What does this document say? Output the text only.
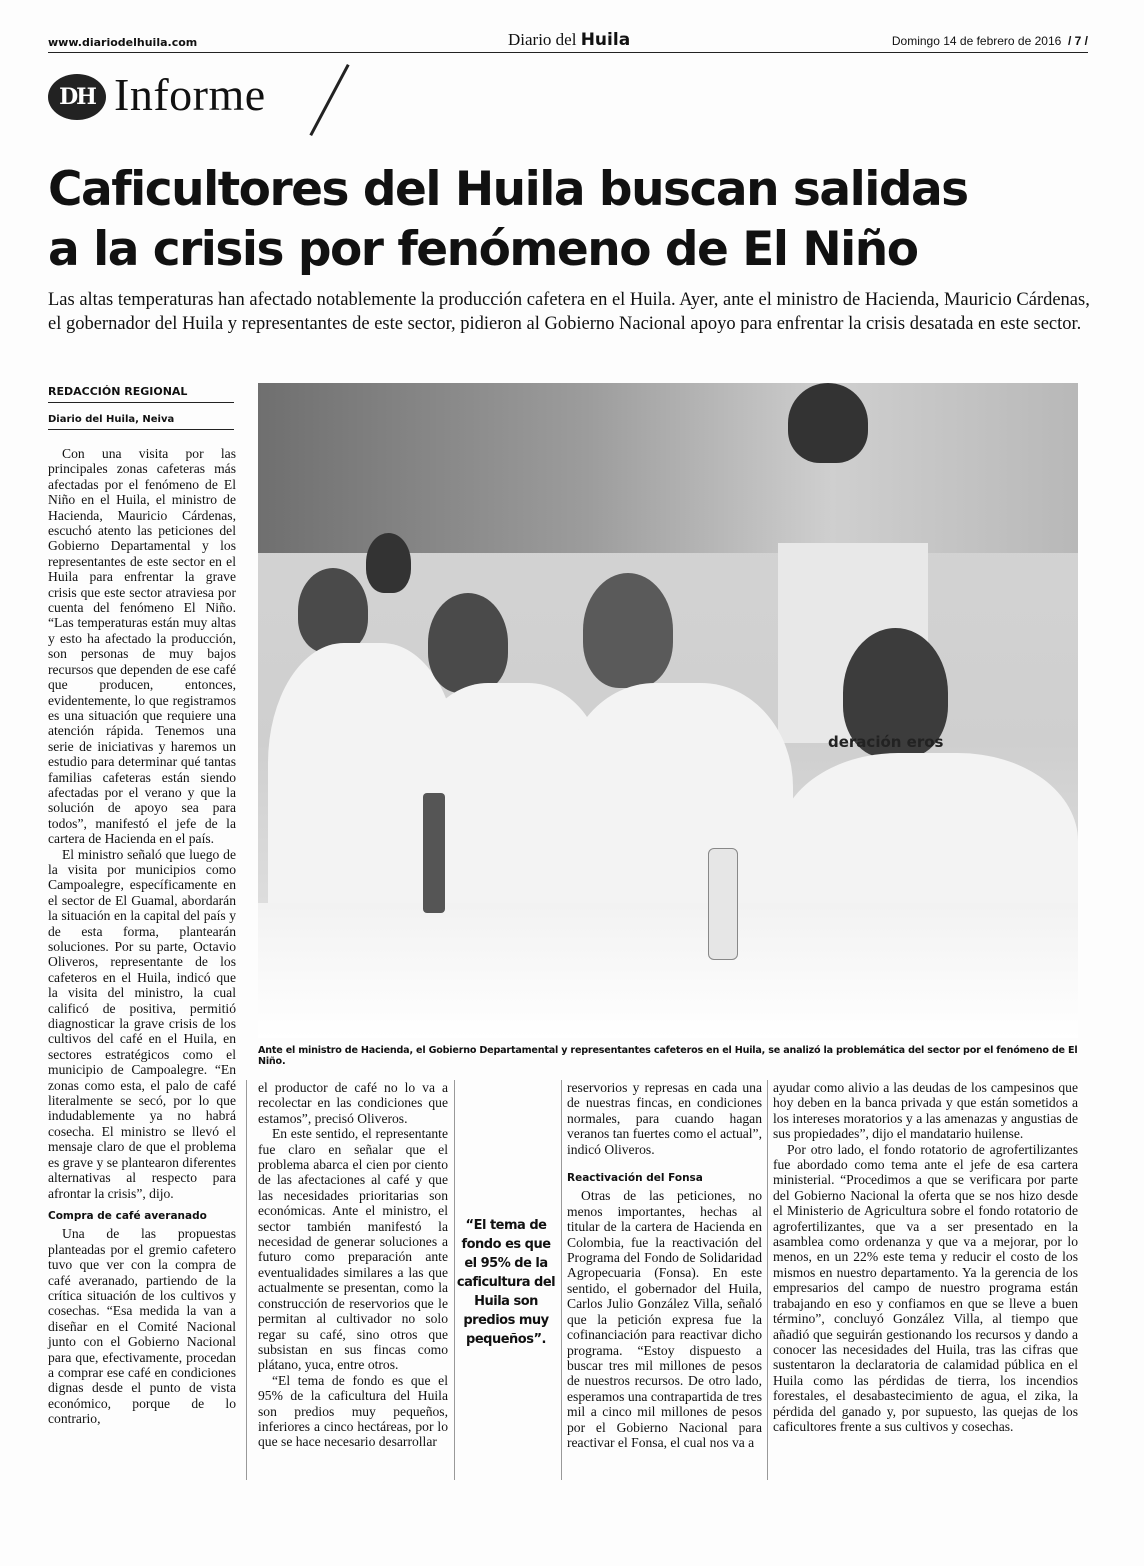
www.diariodelhuila.com	Diario del Huila	Domingo 14 de febrero de 2016 / 7 /
DH Informe
Caficultores del Huila buscan salidas
a la crisis por fenómeno de El Niño

Las altas temperaturas han afectado notablemente la producción cafetera en el Huila. Ayer, ante el ministro de Hacienda, Mauricio Cárdenas, el gobernador del Huila y representantes de este sector, pidieron al Gobierno Nacional apoyo para enfrentar la crisis desatada en este sector.

REDACCIÓN REGIONAL
Diario del Huila, Neiva

Con una visita por las principales zonas cafeteras más afectadas por el fenómeno de El Niño en el Huila, el ministro de Hacienda, Mauricio Cárdenas, escuchó atento las peticiones del Gobierno Departamental y los representantes de este sector en el Huila para enfrentar la grave crisis que este sector atraviesa por cuenta del fenómeno El Niño. “Las temperaturas están muy altas y esto ha afectado la producción, son personas de muy bajos recursos que dependen de ese café que producen, entonces, evidentemente, lo que registramos es una situación que requiere una atención rápida. Tenemos una serie de iniciativas y haremos un estudio para determinar qué tantas familias cafeteras están siendo afectadas por el verano y que la solución de apoyo sea para todos”, manifestó el jefe de la cartera de Hacienda en el país.

El ministro señaló que luego de la visita por municipios como Campoalegre, específicamente en el sector de El Guamal, abordarán la situación en la capital del país y de esta forma, plantearán soluciones. Por su parte, Octavio Oliveros, representante de los cafeteros en el Huila, indicó que la visita del ministro, la cual calificó de positiva, permitió diagnosticar la grave crisis de los cultivos del café en el Huila, en sectores estratégicos como el municipio de Campoalegre. “En zonas como esta, el palo de café literalmente se secó, por lo que indudablemente ya no habrá cosecha. El ministro se llevó el mensaje claro de que el problema es grave y se plantearon diferentes alternativas al respecto para afrontar la crisis”, dijo.

Compra de café averanado

Una de las propuestas planteadas por el gremio cafetero tuvo que ver con la compra de café averanado, partiendo de la crítica situación de los cultivos y cosechas. “Esa medida la van a diseñar en el Comité Nacional junto con el Gobierno Nacional para que, efectivamente, procedan a comprar ese café en condiciones dignas desde el punto de vista económico, porque de lo contrario,

deración eros
Ante el ministro de Hacienda, el Gobierno Departamental y representantes cafeteros en el Huila, se analizó la problemática del sector por el fenómeno de El Niño.

el productor de café no lo va a recolectar en las condiciones que estamos”, precisó Oliveros.

En este sentido, el representante fue claro en señalar que el problema abarca el cien por ciento de las afectaciones al café y que las necesidades prioritarias son económicas. Ante el ministro, el sector también manifestó la necesidad de generar soluciones a futuro como preparación ante eventualidades similares a las que actualmente se presentan, como la construcción de reservorios que le permitan al cultivador no solo regar su café, sino otros que subsistan en sus fincas como plátano, yuca, entre otros.

“El tema de fondo es que el 95% de la caficultura del Huila son predios muy pequeños, inferiores a cinco hectáreas, por lo que se hace necesario desarrollar

“El tema de fondo es que el 95% de la caficultura del Huila son predios muy pequeños”.

reservorios y represas en cada una de nuestras fincas, en condiciones normales, para cuando hagan veranos tan fuertes como el actual”, indicó Oliveros.

Reactivación del Fonsa

Otras de las peticiones, no menos importantes, hechas al titular de la cartera de Hacienda en Colombia, fue la reactivación del Programa del Fondo de Solidaridad Agropecuaria (Fonsa). En este sentido, el gobernador del Huila, Carlos Julio González Villa, señaló que la petición expresa fue la cofinanciación para reactivar dicho programa. “Estoy dispuesto a buscar tres mil millones de pesos de nuestros recursos. De otro lado, esperamos una contrapartida de tres mil a cinco mil millones de pesos por el Gobierno Nacional para reactivar el Fonsa, el cual nos va a

ayudar como alivio a las deudas de los campesinos que hoy deben en la banca privada y que están sometidos a los intereses moratorios y a las amenazas y angustias de sus propiedades”, dijo el mandatario huilense.

Por otro lado, el fondo rotatorio de agrofertilizantes fue abordado como tema ante el jefe de esa cartera ministerial. “Procedimos a que se verificara por parte del Gobierno Nacional la oferta que se nos hizo desde el Ministerio de Agricultura sobre el fondo rotatorio de agrofertilizantes, que va a ser presentado en la asamblea como ordenanza y que va a mejorar, por lo menos, en un 22% este tema y reducir el costo de los mismos en nuestro departamento. Ya la gerencia de los empresarios del campo de nuestro programa están trabajando en eso y confiamos en que se lleve a buen término”, concluyó González Villa, al tiempo que añadió que seguirán gestionando los recursos y dando a conocer las necesidades del Huila, tras las cifras que sustentaron la declaratoria de calamidad pública en el Huila como las pérdidas de tierra, los incendios forestales, el desabastecimiento de agua, el zika, la pérdida del ganado y, por supuesto, las quejas de los caficultores frente a sus cultivos y cosechas.
